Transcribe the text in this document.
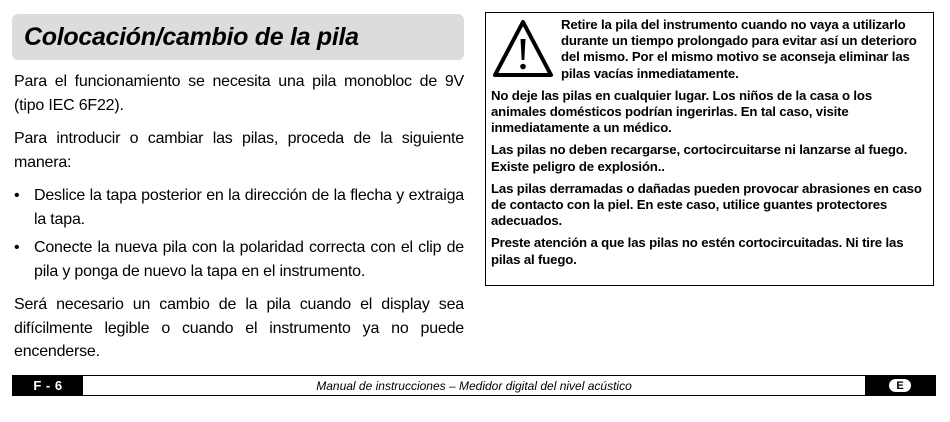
Colocación/cambio de la pila

Para el funcionamiento se necesita una pila monobloc de 9V (tipo IEC 6F22).

Para introducir o cambiar las pilas, proceda de la siguiente manera:

• Deslice la tapa posterior en la dirección de la flecha y extraiga la tapa.
• Conecte la nueva pila con la polaridad correcta con el clip de pila y ponga de nuevo la tapa en el instrumento.

Será necesario un cambio de la pila cuando el display sea difícilmente legible o cuando el instrumento ya no puede encenderse.

Retire la pila del instrumento cuando no vaya a utilizarlo durante un tiempo prolongado para evitar así un deterioro del mismo. Por el mismo motivo se aconseja eliminar las pilas vacías inmediatamente.

No deje las pilas en cualquier lugar. Los niños de la casa o los animales domésticos podrían ingerirlas. En tal caso, visite inmediatamente a un médico.

Las pilas no deben recargarse, cortocircuitarse ni lanzarse al fuego. Existe peligro de explosión..

Las pilas derramadas o dañadas pueden provocar abrasiones en caso de contacto con la piel. En este caso, utilice guantes protectores adecuados.

Preste atención a que las pilas no estén cortocircuitadas. Ni tire las pilas al fuego.

F - 6	Manual de instrucciones – Medidor digital del nivel acústico	E
